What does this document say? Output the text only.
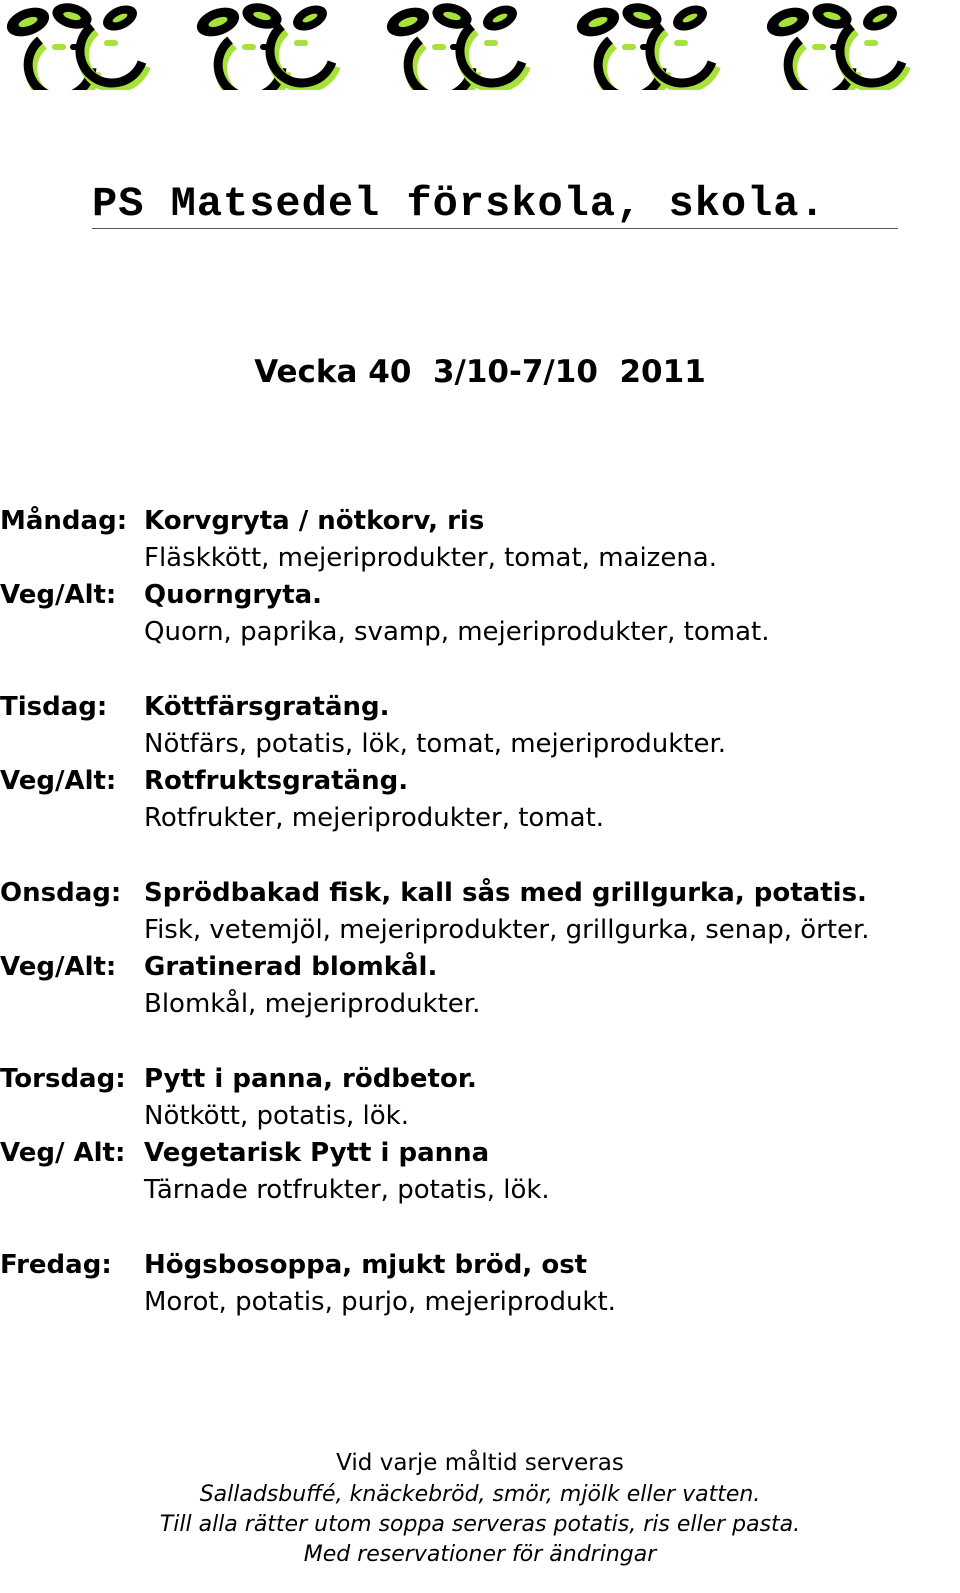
PS Matsedel förskola, skola.
Vecka 40  3/10-7/10  2011
Måndag: Korvgryta / nötkorv, ris
Fläskkött, mejeriprodukter, tomat, maizena.
Veg/Alt: Quorngryta.
Quorn, paprika, svamp, mejeriprodukter, tomat.
Tisdag: Köttfärsgratäng.
Nötfärs, potatis, lök, tomat, mejeriprodukter.
Veg/Alt: Rotfruktsgratäng.
Rotfrukter, mejeriprodukter, tomat.
Onsdag: Sprödbakad fisk, kall sås med grillgurka, potatis.
Fisk, vetemjöl, mejeriprodukter, grillgurka, senap, örter.
Veg/Alt: Gratinerad blomkål.
Blomkål, mejeriprodukter.
Torsdag: Pytt i panna, rödbetor.
Nötkött, potatis, lök.
Veg/ Alt: Vegetarisk Pytt i panna
Tärnade rotfrukter, potatis, lök.
Fredag: Högsbosoppa, mjukt bröd, ost
Morot, potatis, purjo, mejeriprodukt.
Vid varje måltid serveras
Salladsbuffé, knäckebröd, smör, mjölk eller vatten.
Till alla rätter utom soppa serveras potatis, ris eller pasta.
Med reservationer för ändringar
